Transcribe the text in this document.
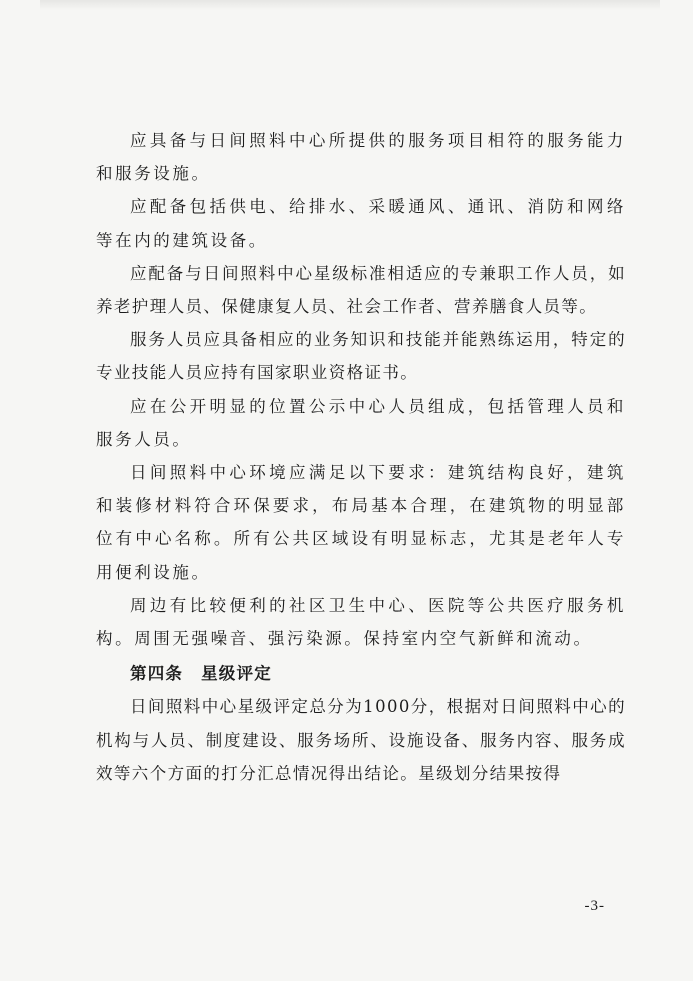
应具备与日间照料中心所提供的服务项目相符的服务能力和服务设施。

应配备包括供电、给排水、采暖通风、通讯、消防和网络等在内的建筑设备。

应配备与日间照料中心星级标准相适应的专兼职工作人员，如养老护理人员、保健康复人员、社会工作者、营养膳食人员等。

服务人员应具备相应的业务知识和技能并能熟练运用，特定的专业技能人员应持有国家职业资格证书。

应在公开明显的位置公示中心人员组成，包括管理人员和服务人员。

日间照料中心环境应满足以下要求：建筑结构良好，建筑和装修材料符合环保要求，布局基本合理，在建筑物的明显部位有中心名称。所有公共区域设有明显标志，尤其是老年人专用便利设施。

周边有比较便利的社区卫生中心、医院等公共医疗服务机构。周围无强噪音、强污染源。保持室内空气新鲜和流动。

第四条 星级评定

日间照料中心星级评定总分为1000分，根据对日间照料中心的机构与人员、制度建设、服务场所、设施设备、服务内容、服务成效等六个方面的打分汇总情况得出结论。星级划分结果按得

-3-
